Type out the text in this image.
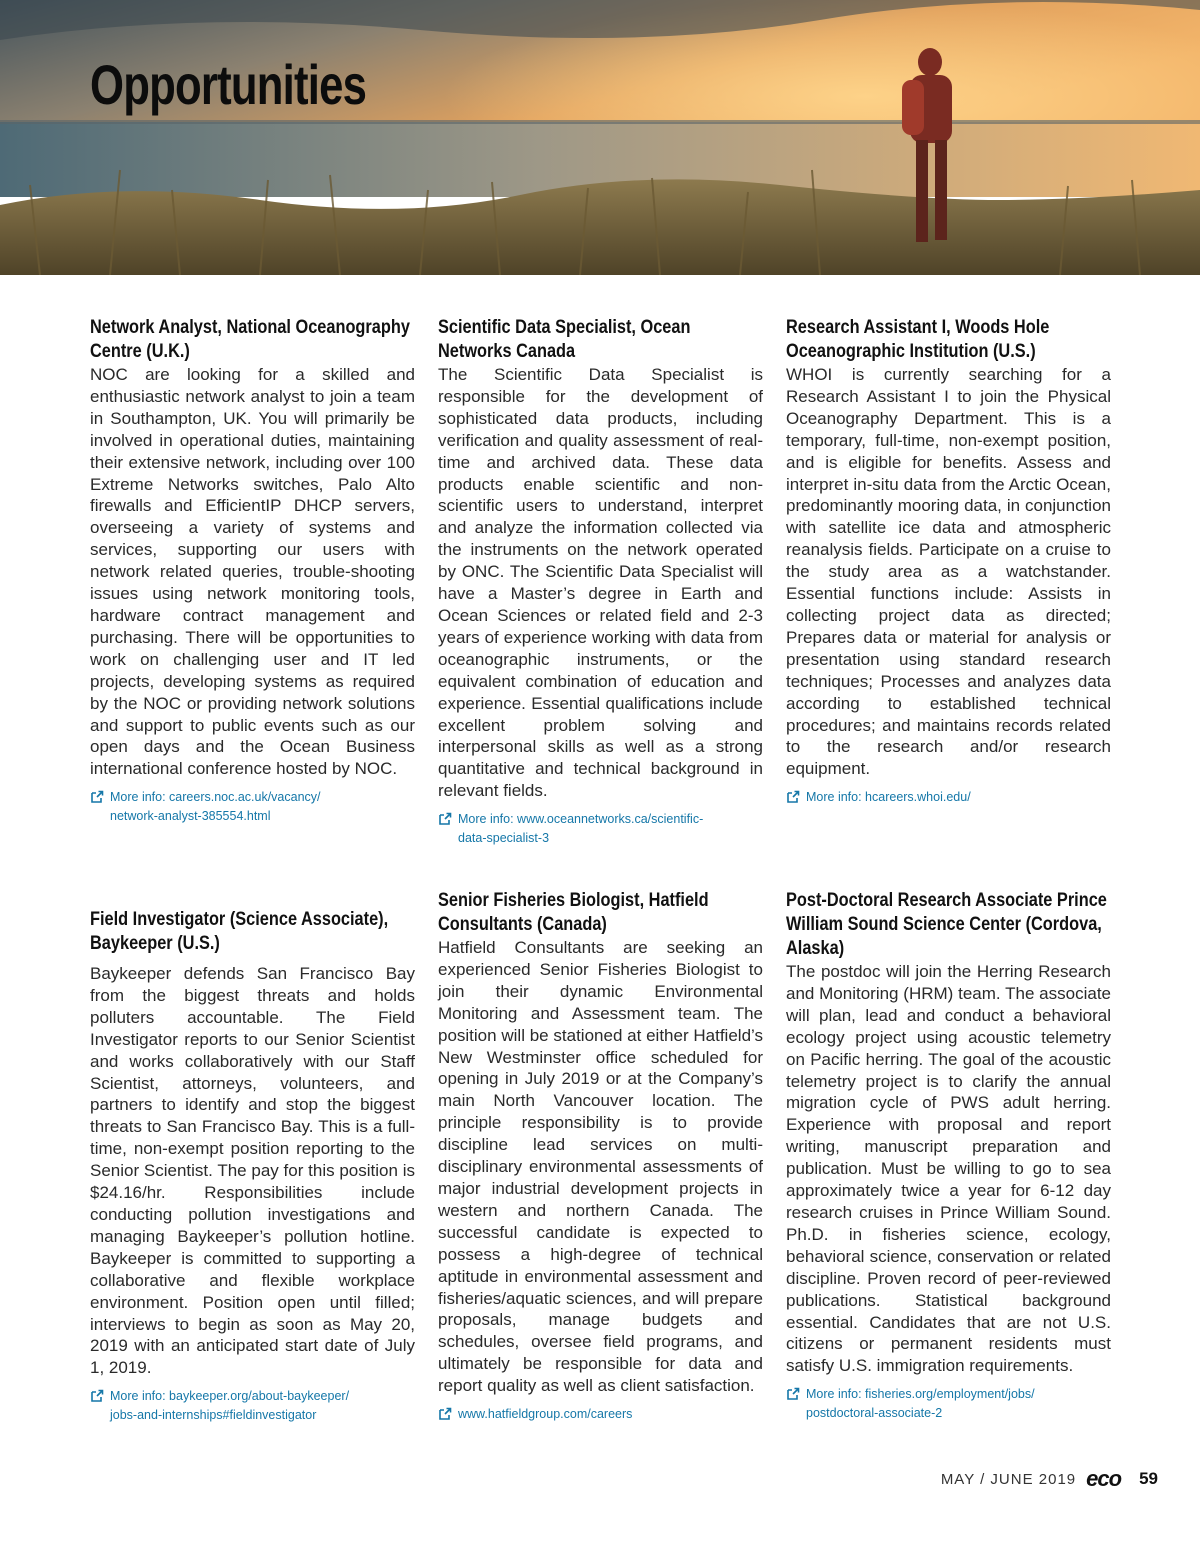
Opportunities
Network Analyst, National Oceanography Centre (U.K.)

NOC are looking for a skilled and enthusiastic network analyst to join a team in Southampton, UK. You will primarily be involved in operational duties, maintaining their extensive network, including over 100 Extreme Networks switches, Palo Alto firewalls and EfficientIP DHCP servers, overseeing a variety of systems and services, supporting our users with network related queries, trouble-shooting issues using network monitoring tools, hardware contract management and purchasing. There will be opportunities to work on challenging user and IT led projects, developing systems as required by the NOC or providing network solutions and support to public events such as our open days and the Ocean Business international conference hosted by NOC.

More info: careers.noc.ac.uk/vacancy/
network-analyst-385554.html
Scientific Data Specialist, Ocean Networks Canada

The Scientific Data Specialist is responsible for the development of sophisticated data products, including verification and quality assessment of real-time and archived data. These data products enable scientific and non-scientific users to understand, interpret and analyze the information collected via the instruments on the network operated by ONC. The Scientific Data Specialist will have a Master’s degree in Earth and Ocean Sciences or related field and 2-3 years of experience working with data from oceanographic instruments, or the equivalent combination of education and experience. Essential qualifications include excellent problem solving and interpersonal skills as well as a strong quantitative and technical background in relevant fields.

More info: www.oceannetworks.ca/scientific-
data-specialist-3
Research Assistant I, Woods Hole Oceanographic Institution (U.S.)

WHOI is currently searching for a Research Assistant I to join the Physical Oceanography Department. This is a temporary, full-time, non-exempt position, and is eligible for benefits. Assess and interpret in-situ data from the Arctic Ocean, predominantly mooring data, in conjunction with satellite ice data and atmospheric reanalysis fields. Participate on a cruise to the study area as a watchstander. Essential functions include: Assists in collecting project data as directed; Prepares data or material for analysis or presentation using standard research techniques; Processes and analyzes data according to established technical procedures; and maintains records related to the research and/or research equipment.

More info: hcareers.whoi.edu/
Field Investigator (Science Associate), Baykeeper (U.S.)

Baykeeper defends San Francisco Bay from the biggest threats and holds polluters accountable. The Field Investigator reports to our Senior Scientist and works collaboratively with our Staff Scientist, attorneys, volunteers, and partners to identify and stop the biggest threats to San Francisco Bay. This is a full-time, non-exempt position reporting to the Senior Scientist. The pay for this position is $24.16/hr. Responsibilities include conducting pollution investigations and managing Baykeeper’s pollution hotline. Baykeeper is committed to supporting a collaborative and flexible workplace environment. Position open until filled; interviews to begin as soon as May 20, 2019 with an anticipated start date of July 1, 2019.

More info: baykeeper.org/about-baykeeper/
jobs-and-internships#fieldinvestigator
Senior Fisheries Biologist, Hatfield Consultants (Canada)

Hatfield Consultants are seeking an experienced Senior Fisheries Biologist to join their dynamic Environmental Monitoring and Assessment team. The position will be stationed at either Hatfield’s New Westminster office scheduled for opening in July 2019 or at the Company’s main North Vancouver location. The principle responsibility is to provide discipline lead services on multi-disciplinary environmental assessments of major industrial development projects in western and northern Canada. The successful candidate is expected to possess a high-degree of technical aptitude in environmental assessment and fisheries/aquatic sciences, and will prepare proposals, manage budgets and schedules, oversee field programs, and ultimately be responsible for data and report quality as well as client satisfaction.

www.hatfieldgroup.com/careers
Post-Doctoral Research Associate Prince William Sound Science Center (Cordova, Alaska)

The postdoc will join the Herring Research and Monitoring (HRM) team. The associate will plan, lead and conduct a behavioral ecology project using acoustic telemetry on Pacific herring. The goal of the acoustic telemetry project is to clarify the annual migration cycle of PWS adult herring. Experience with proposal and report writing, manuscript preparation and publication. Must be willing to go to sea approximately twice a year for 6-12 day research cruises in Prince William Sound. Ph.D. in fisheries science, ecology, behavioral science, conservation or related discipline. Proven record of peer-reviewed publications. Statistical background essential. Candidates that are not U.S. citizens or permanent residents must satisfy U.S. immigration requirements.

More info: fisheries.org/employment/jobs/
postdoctoral-associate-2
MAY / JUNE 2019 eco 59
